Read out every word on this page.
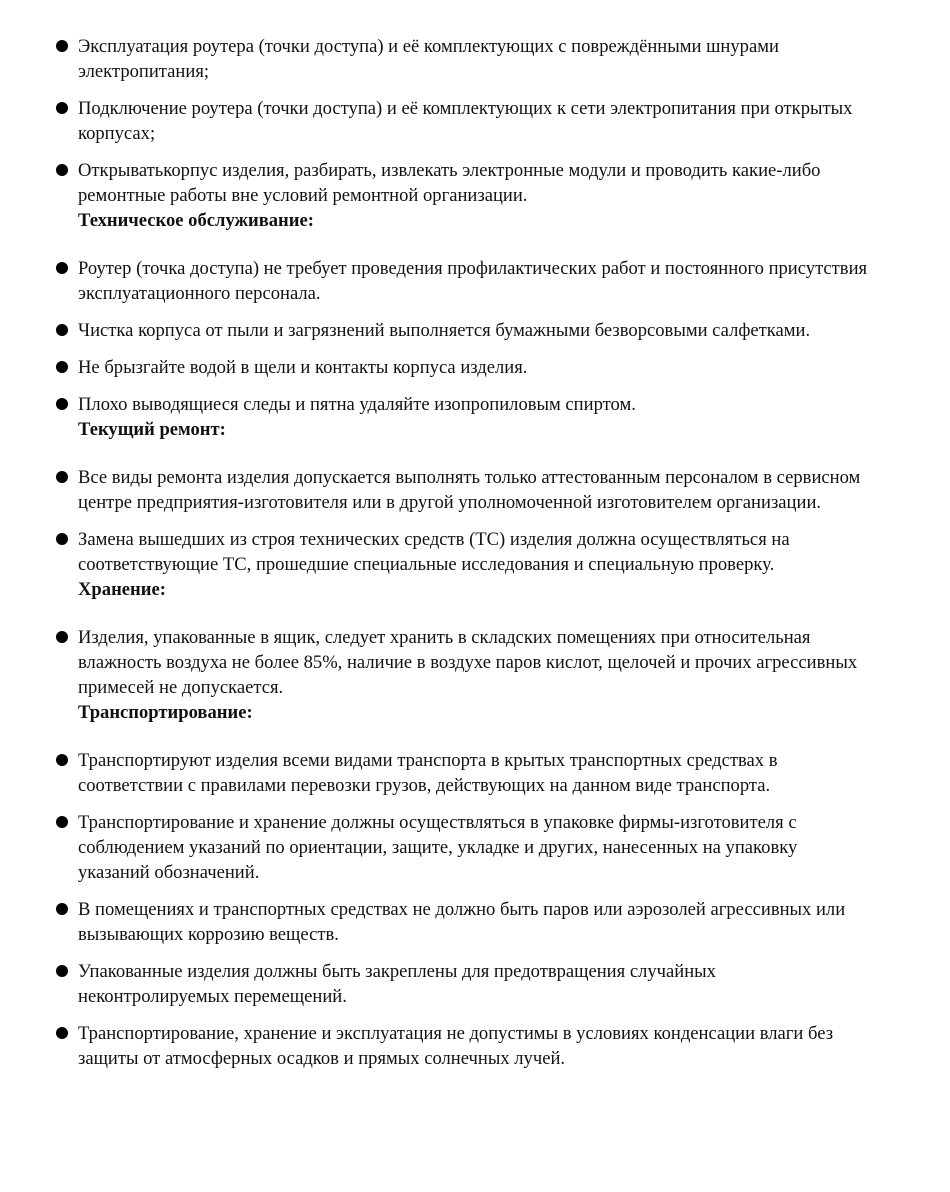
Эксплуатация роутера (точки доступа) и её комплектующих с повреждёнными шнурами электропитания;
Подключение роутера (точки доступа) и её комплектующих к сети электропитания при открытых корпусах;
Открыватькорпус изделия, разбирать, извлекать электронные модули и проводить какие-либо ремонтные работы вне условий ремонтной организации.
Техническое обслуживание:
Роутер (точка доступа) не требует проведения профилактических работ и постоянного присутствия эксплуатационного персонала.
Чистка корпуса от пыли и загрязнений выполняется бумажными безворсовыми салфетками.
Не брызгайте водой в щели и контакты корпуса изделия.
Плохо выводящиеся следы и пятна удаляйте изопропиловым спиртом.
Текущий ремонт:
Все виды ремонта изделия допускается выполнять только аттестованным персоналом в сервисном центре предприятия-изготовителя или в другой уполномоченной изготовителем организации.
Замена вышедших из строя технических средств (ТС) изделия должна осуществляться на соответствующие ТС, прошедшие специальные исследования и специальную проверку.
Хранение:
Изделия, упакованные в ящик, следует хранить в складских помещениях при относительная влажность воздуха не более 85%, наличие в воздухе паров кислот, щелочей и прочих агрессивных примесей не допускается.
Транспортирование:
Транспортируют изделия всеми видами транспорта в крытых транспортных средствах в соответствии с правилами перевозки грузов, действующих на данном виде транспорта.
Транспортирование и хранение должны осуществляться в упаковке фирмы-изготовителя с соблюдением указаний по ориентации, защите, укладке и других, нанесенных на упаковку указаний обозначений.
В помещениях и транспортных средствах не должно быть паров или аэрозолей агрессивных или вызывающих коррозию веществ.
Упакованные изделия должны быть закреплены для предотвращения случайных неконтролируемых перемещений.
Транспортирование, хранение и эксплуатация не допустимы в условиях конденсации влаги без защиты от атмосферных осадков и прямых солнечных лучей.
